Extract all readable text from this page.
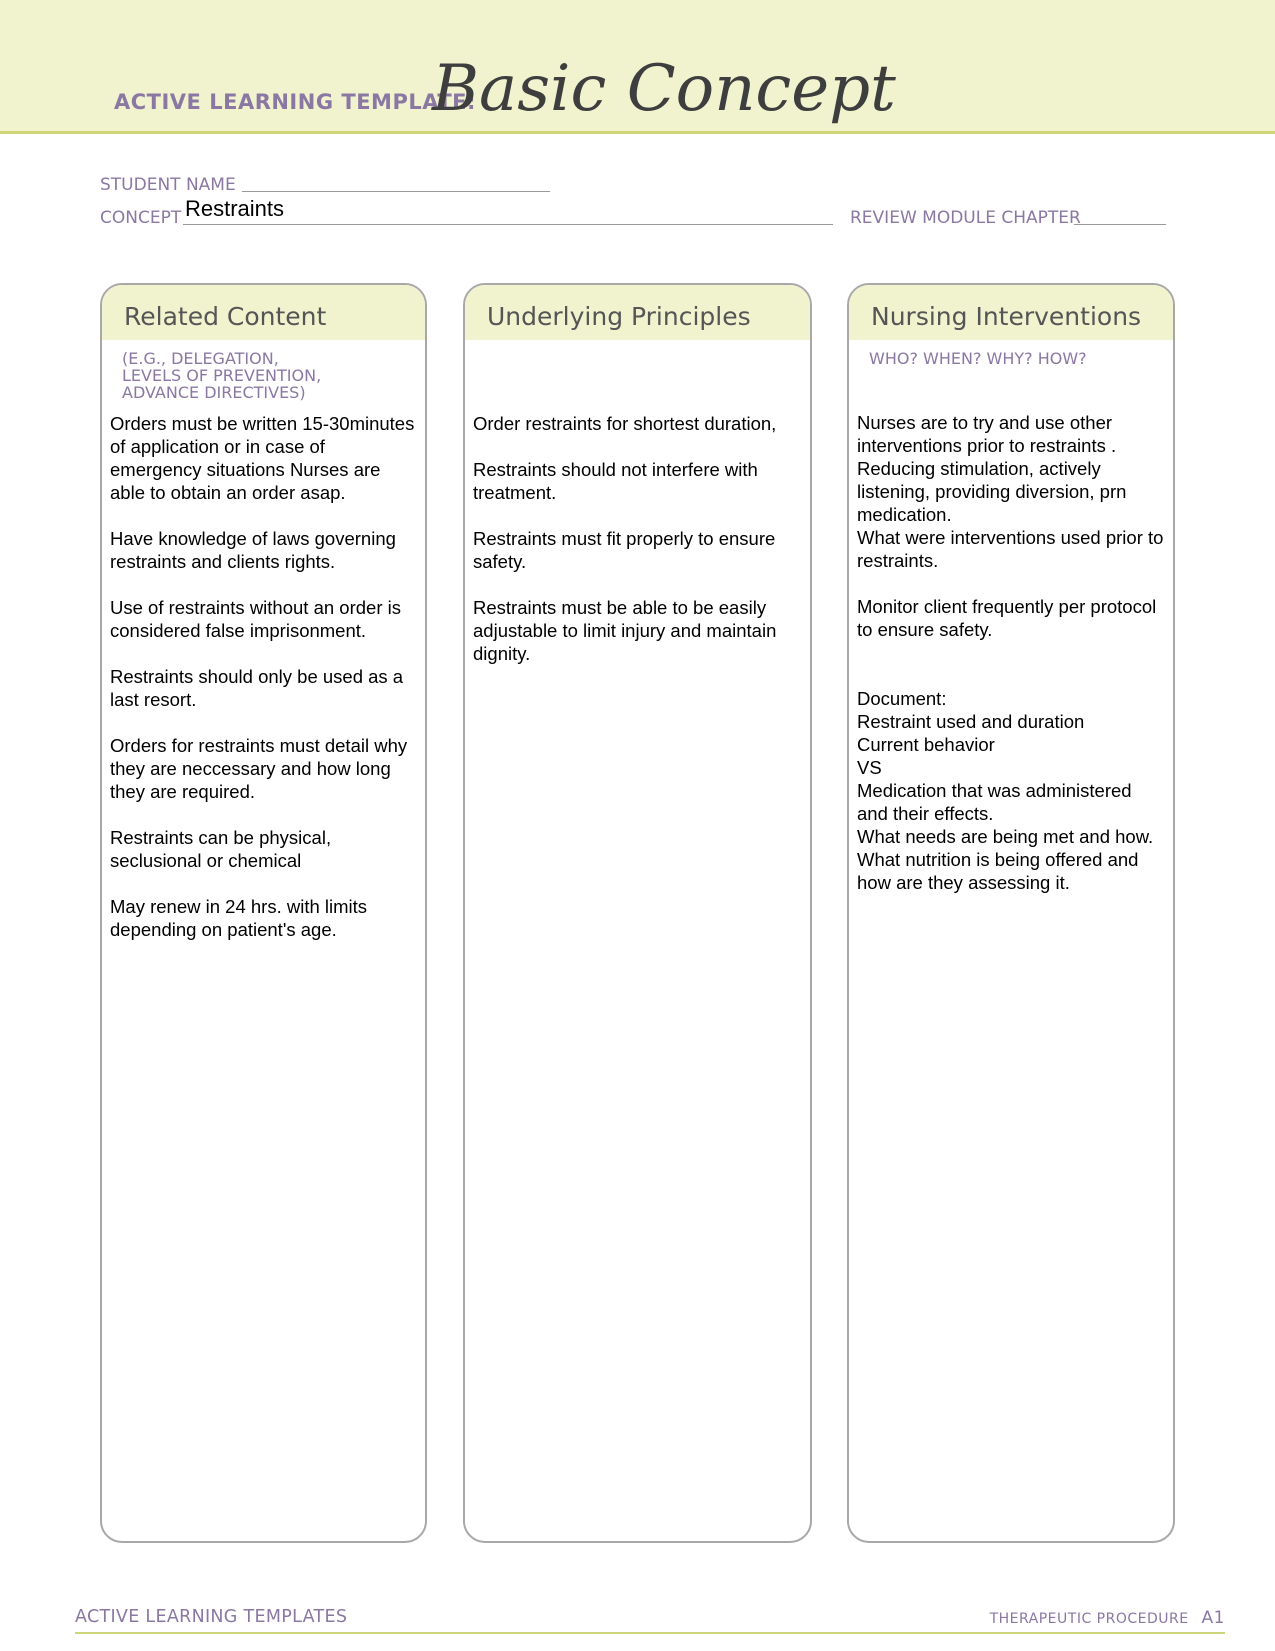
ACTIVE LEARNING TEMPLATE:
Basic Concept
STUDENT NAME
CONCEPT Restraints	REVIEW MODULE CHAPTER
Related Content
(E.G., DELEGATION,
LEVELS OF PREVENTION,
ADVANCE DIRECTIVES)
Orders must be written 15-30minutes of application or in case of emergency situations Nurses are able to obtain an order asap.

Have knowledge of laws governing restraints and clients rights.

Use of restraints without an order is considered false imprisonment.

Restraints should only be used as a last resort.

Orders for restraints must detail why they are neccessary and how long they are required.

Restraints can be physical, seclusional or chemical

May renew in 24 hrs. with limits depending on patient's age.
Underlying Principles
Order restraints for shortest duration,

Restraints should not interfere with treatment.

Restraints must fit properly to ensure safety.

Restraints must be able to be easily adjustable to limit injury and maintain dignity.
Nursing Interventions
WHO? WHEN? WHY? HOW?
Nurses are to try and use other interventions prior to restraints .
Reducing stimulation, actively listening, providing diversion, prn medication.
What were interventions used prior to restraints.

Monitor client frequently per protocol to ensure safety.

Document:
Restraint used and duration
Current behavior
VS
Medication that was administered and their effects.
What needs are being met and how.
What nutrition is being offered and how are they assessing it.
ACTIVE LEARNING TEMPLATES	THERAPEUTIC PROCEDURE A1
